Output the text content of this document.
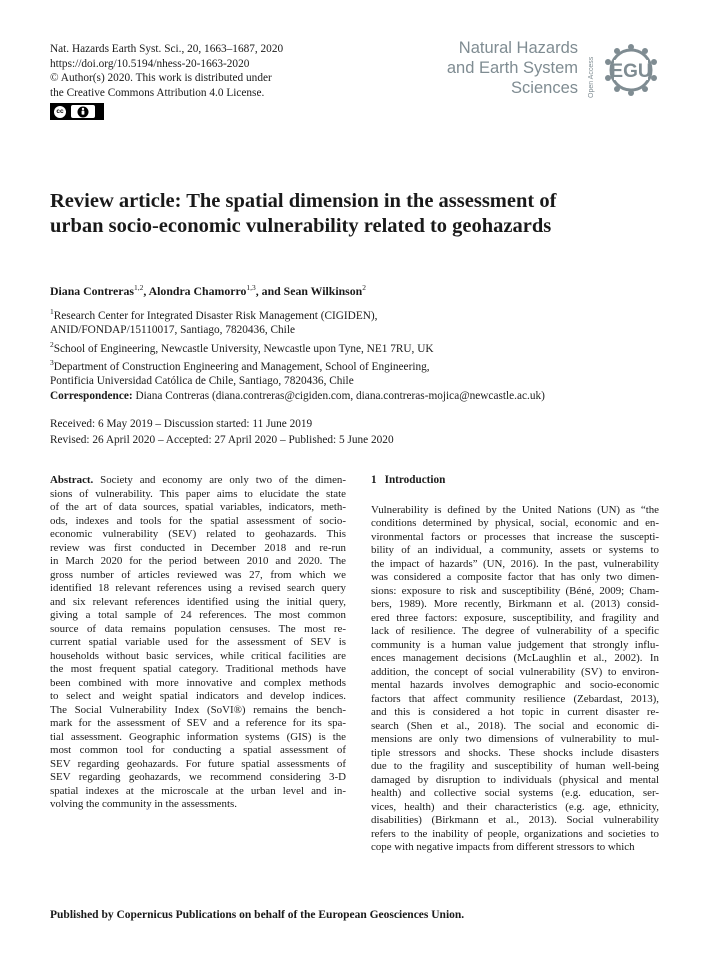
Nat. Hazards Earth Syst. Sci., 20, 1663–1687, 2020
https://doi.org/10.5194/nhess-20-1663-2020
© Author(s) 2020. This work is distributed under
the Creative Commons Attribution 4.0 License.
cc
Natural Hazards
and Earth System
Sciences Open Access EGU
Review article: The spatial dimension in the assessment of urban socio-economic vulnerability related to geohazards
Diana Contreras$^{1,2}$, Alondra Chamorro$^{1,3}$, and Sean Wilkinson$^2$
$^1$Research Center for Integrated Disaster Risk Management (CIGIDEN),
ANID/FONDAP/15110017, Santiago, 7820436, Chile
$^2$School of Engineering, Newcastle University, Newcastle upon Tyne, NE1 7RU, UK
$^3$Department of Construction Engineering and Management, School of Engineering,
Pontificia Universidad Católica de Chile, Santiago, 7820436, Chile
Correspondence: Diana Contreras (diana.contreras@cigiden.com, diana.contreras-mojica@newcastle.ac.uk)
Received: 6 May 2019 – Discussion started: 11 June 2019
Revised: 26 April 2020 – Accepted: 27 April 2020 – Published: 5 June 2020
Abstract. Society and economy are only two of the dimen-
sions of vulnerability. This paper aims to elucidate the state
of the art of data sources, spatial variables, indicators, meth-
ods, indexes and tools for the spatial assessment of socio-
economic vulnerability (SEV) related to geohazards. This
review was first conducted in December 2018 and re-run
in March 2020 for the period between 2010 and 2020. The
gross number of articles reviewed was 27, from which we
identified 18 relevant references using a revised search query
and six relevant references identified using the initial query,
giving a total sample of 24 references. The most common
source of data remains population censuses. The most re-
current spatial variable used for the assessment of SEV is
households without basic services, while critical facilities are
the most frequent spatial category. Traditional methods have
been combined with more innovative and complex methods
to select and weight spatial indicators and develop indices.
The Social Vulnerability Index (SoVI®) remains the bench-
mark for the assessment of SEV and a reference for its spa-
tial assessment. Geographic information systems (GIS) is the
most common tool for conducting a spatial assessment of
SEV regarding geohazards. For future spatial assessments of
SEV regarding geohazards, we recommend considering 3-D
spatial indexes at the microscale at the urban level and in-
volving the community in the assessments.
1 Introduction
Vulnerability is defined by the United Nations (UN) as “the
conditions determined by physical, social, economic and en-
vironmental factors or processes that increase the suscepti-
bility of an individual, a community, assets or systems to
the impact of hazards” (UN, 2016). In the past, vulnerability
was considered a composite factor that has only two dimen-
sions: exposure to risk and susceptibility (Béné, 2009; Cham-
bers, 1989). More recently, Birkmann et al. (2013) consid-
ered three factors: exposure, susceptibility, and fragility and
lack of resilience. The degree of vulnerability of a specific
community is a human value judgement that strongly influ-
ences management decisions (McLaughlin et al., 2002). In
addition, the concept of social vulnerability (SV) to environ-
mental hazards involves demographic and socio-economic
factors that affect community resilience (Zebardast, 2013),
and this is considered a hot topic in current disaster re-
search (Shen et al., 2018). The social and economic di-
mensions are only two dimensions of vulnerability to mul-
tiple stressors and shocks. These shocks include disasters
due to the fragility and susceptibility of human well-being
damaged by disruption to individuals (physical and mental
health) and collective social systems (e.g. education, ser-
vices, health) and their characteristics (e.g. age, ethnicity,
disabilities) (Birkmann et al., 2013). Social vulnerability
refers to the inability of people, organizations and societies to
cope with negative impacts from different stressors to which
Published by Copernicus Publications on behalf of the European Geosciences Union.
